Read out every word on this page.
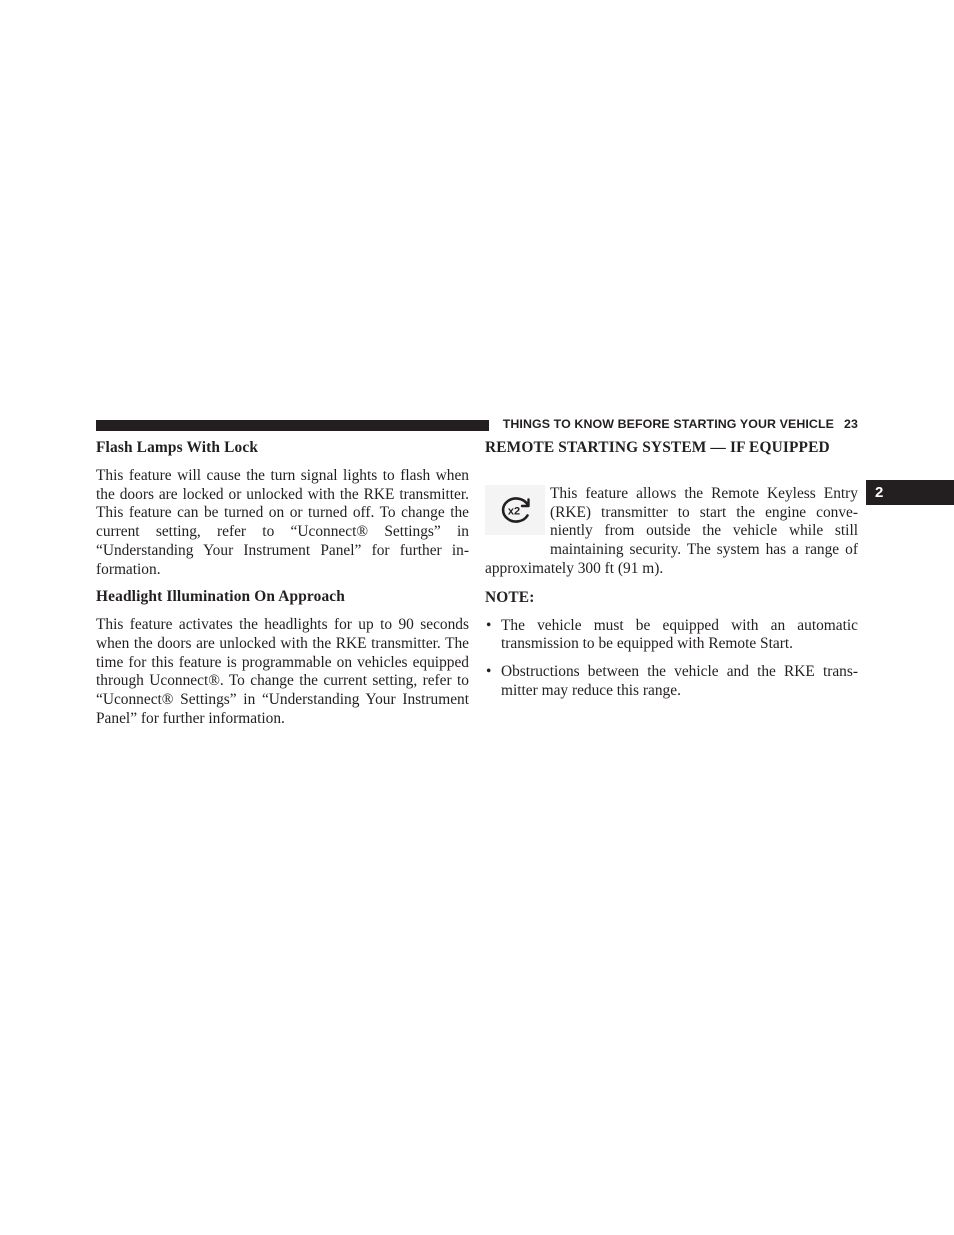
THINGS TO KNOW BEFORE STARTING YOUR VEHICLE 23
2
Flash Lamps With Lock

This feature will cause the turn signal lights to flash when the doors are locked or unlocked with the RKE transmitter. This feature can be turned on or turned off. To change the current setting, refer to “Uconnect® Settings” in “Understanding Your Instrument Panel” for further information.

Headlight Illumination On Approach

This feature activates the headlights for up to 90 seconds when the doors are unlocked with the RKE transmitter. The time for this feature is programmable on vehicles equipped through Uconnect®. To change the current setting, refer to “Uconnect® Settings” in “Understanding Your Instrument Panel” for further information.

REMOTE STARTING SYSTEM — IF EQUIPPED
x2

This feature allows the Remote Keyless Entry

(RKE) transmitter to start the engine conve-

niently from outside the vehicle while still

maintaining security. The system has a range of

approximately 300 ft (91 m).

NOTE:
• The vehicle must be equipped with an automatic transmission to be equipped with Remote Start.

• Obstructions between the vehicle and the RKE transmitter may reduce this range.
